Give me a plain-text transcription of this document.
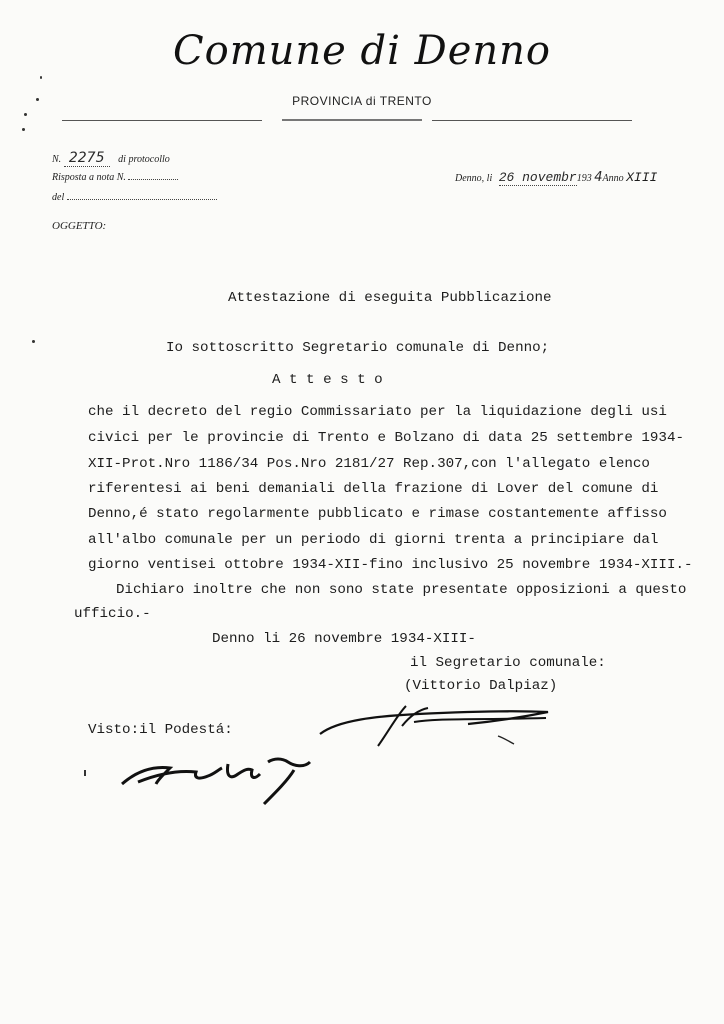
Comune di Denno
PROVINCIA di TRENTO
N. 2275 di protocollo
Risposta a nota N.
del
OGGETTO:
Denno, li 26 novembr193 4Anno XIII
Attestazione di eseguita Pubblicazione
Io sottoscritto Segretario comunale di Denno;
A t t e s t o
che il decreto del regio Commissariato per la liquidazione degli usi
civici per le provincie di Trento e Bolzano di data 25 settembre 1934-
XII-Prot.Nro 1186/34 Pos.Nro 2181/27 Rep.307,con l'allegato elenco
riferentesi ai beni demaniali della frazione di Lover del comune di
Denno,é stato regolarmente pubblicato e rimase costantemente affisso
all'albo comunale per un periodo di giorni trenta a principiare dal
giorno ventisei ottobre 1934-XII-fino inclusivo 25 novembre 1934-XIII.-
Dichiaro inoltre che non sono state presentate opposizioni a questo
ufficio.-
Denno li 26 novembre 1934-XIII-
il Segretario comunale:
(Vittorio Dalpiaz)
Visto:il Podestá:
